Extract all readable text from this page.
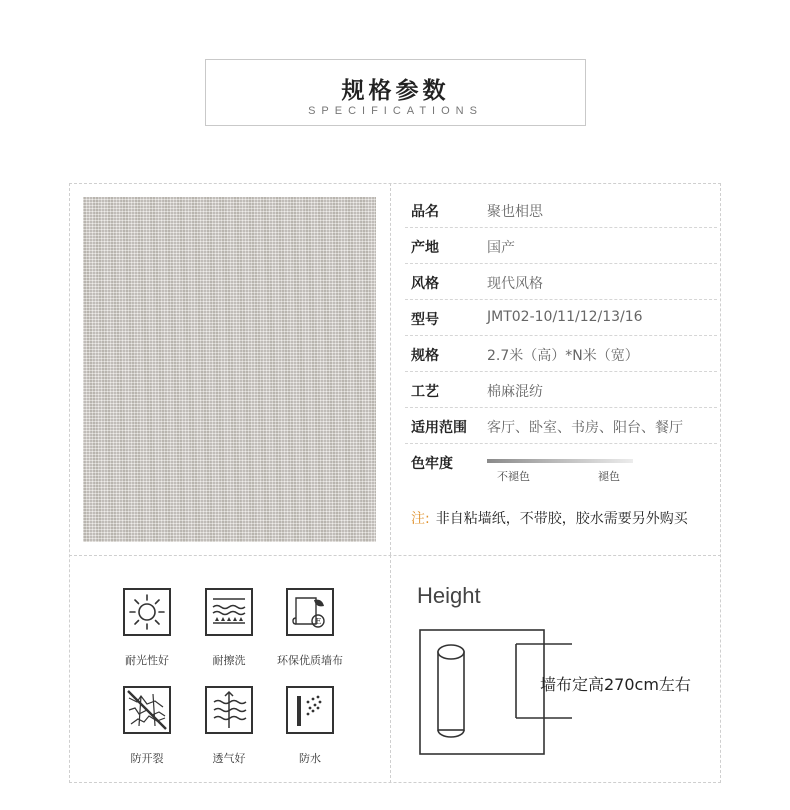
规格参数
SPECIFICATIONS
品名	聚也相思
产地	国产
风格	现代风格
型号	JMT02-10/11/12/13/16
规格	2.7米（高）*N米（宽）
工艺	棉麻混纺
适用范围 客厅、卧室、书房、阳台、餐厅
色牢度
不褪色	褪色
注: 非自粘墙纸，不带胶，胶水需要另外购买
耐光性好	耐擦洗
E
环保优质墙布
防开裂	透气好	防水
Height
墙布定高270cm左右
